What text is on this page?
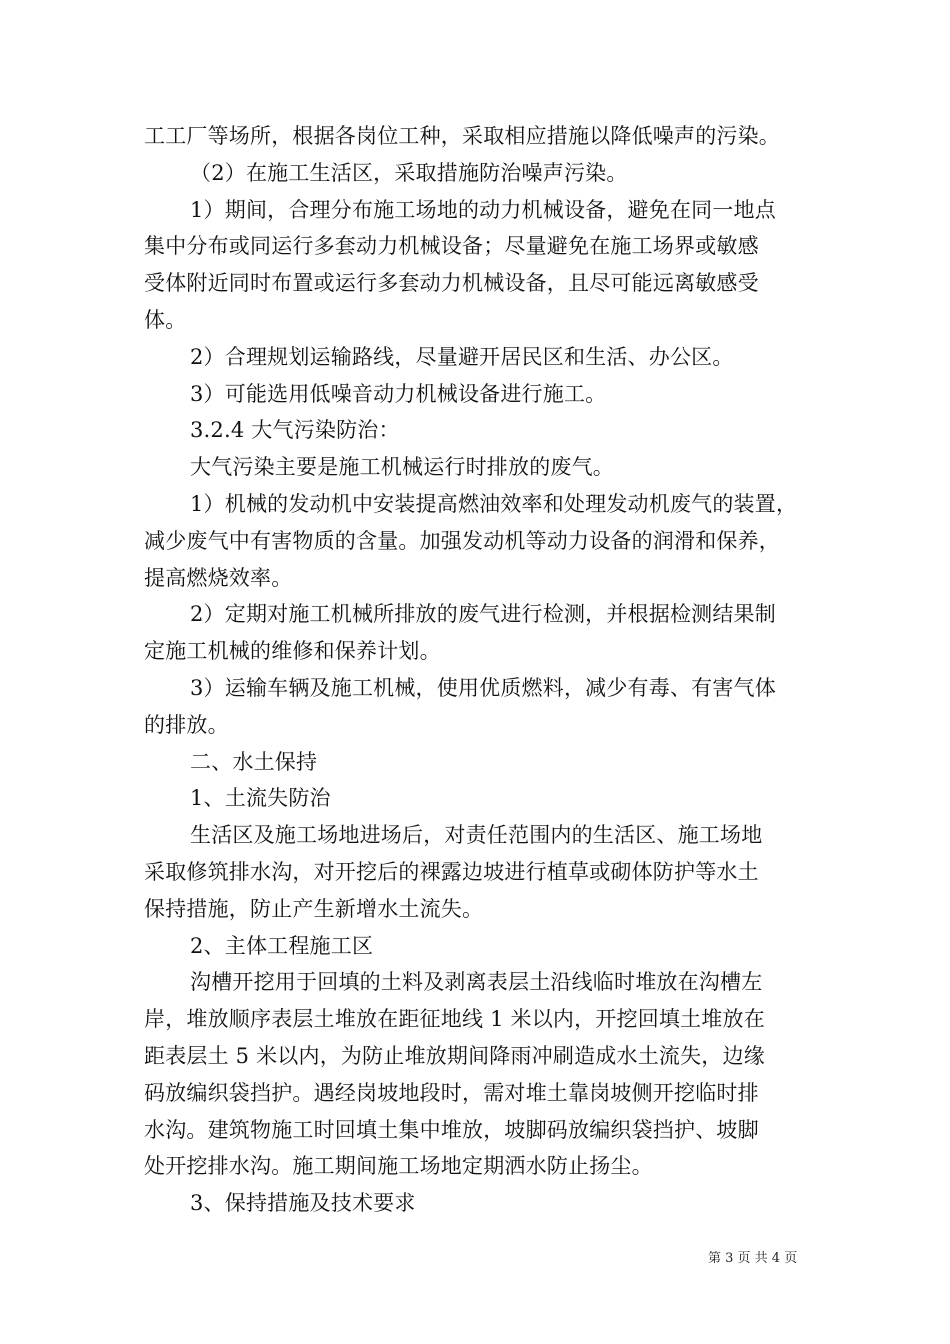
工工厂等场所，根据各岗位工种，采取相应措施以降低噪声的污染。
（2）在施工生活区，采取措施防治噪声污染。
1）期间，合理分布施工场地的动力机械设备，避免在同一地点
集中分布或同运行多套动力机械设备；尽量避免在施工场界或敏感
受体附近同时布置或运行多套动力机械设备，且尽可能远离敏感受
体。
2）合理规划运输路线，尽量避开居民区和生活、办公区。
3）可能选用低噪音动力机械设备进行施工。
3.2.4 大气污染防治：
大气污染主要是施工机械运行时排放的废气。
1）机械的发动机中安装提高燃油效率和处理发动机废气的装置，
减少废气中有害物质的含量。加强发动机等动力设备的润滑和保养，
提高燃烧效率。
2）定期对施工机械所排放的废气进行检测，并根据检测结果制
定施工机械的维修和保养计划。
3）运输车辆及施工机械，使用优质燃料，减少有毒、有害气体
的排放。
二、水土保持
1、土流失防治
生活区及施工场地进场后，对责任范围内的生活区、施工场地
采取修筑排水沟，对开挖后的裸露边坡进行植草或砌体防护等水土
保持措施，防止产生新增水土流失。
2、主体工程施工区
沟槽开挖用于回填的土料及剥离表层土沿线临时堆放在沟槽左
岸，堆放顺序表层土堆放在距征地线 1 米以内，开挖回填土堆放在
距表层土 5 米以内，为防止堆放期间降雨冲刷造成水土流失，边缘
码放编织袋挡护。遇经岗坡地段时，需对堆土靠岗坡侧开挖临时排
水沟。建筑物施工时回填土集中堆放，坡脚码放编织袋挡护、坡脚
处开挖排水沟。施工期间施工场地定期洒水防止扬尘。
3、保持措施及技术要求
第 3 页 共 4 页
